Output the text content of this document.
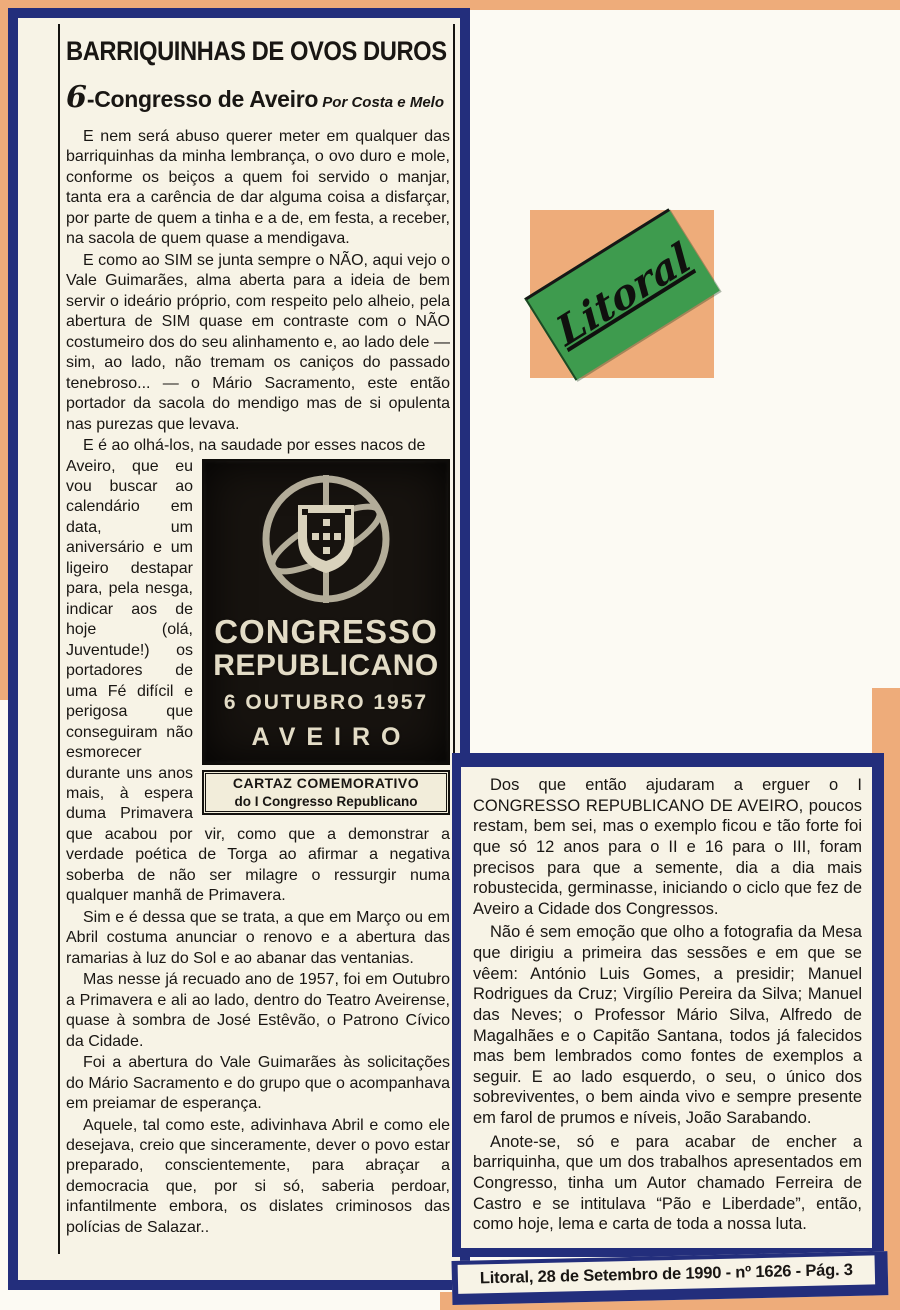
Litoral
BARRIQUINHAS DE OVOS DUROS
6 -Congresso de Aveiro Por Costa e Melo

E nem será abuso querer meter em qualquer das barriquinhas da minha lembrança, o ovo duro e mole, conforme os beiços a quem foi servido o manjar, tanta era a carência de dar alguma coisa a disfarçar, por parte de quem a tinha e a de, em festa, a receber, na sacola de quem quase a mendigava.

E como ao SIM se junta sempre o NÃO, aqui vejo o Vale Guimarães, alma aberta para a ideia de bem servir o ideário próprio, com respeito pelo alheio, pela abertura de SIM quase em contraste com o NÃO costumeiro dos do seu alinhamento e, ao lado dele — sim, ao lado, não tremam os caniços do passado tenebroso... — o Mário Sacramento, este então portador da sacola do mendigo mas de si opulenta nas purezas que levava.

E é ao olhá-los, na saudade por esses nacos de

CONGRESSO
REPUBLICANO
6 OUTUBRO 1957
AVEIRO
CARTAZ COMEMORATIVO
do I Congresso Republicano

Aveiro, que eu vou buscar ao calendário em data, um aniversário e um ligeiro destapar para, pela nesga, indicar aos de hoje (olá, Juventude!) os portadores de uma Fé difícil e perigosa que conseguiram não esmorecer durante uns anos mais, à espera duma Primavera que acabou por vir, como que a demonstrar a verdade poética de Torga ao afirmar a negativa soberba de não ser milagre o ressurgir numa qualquer manhã de Primavera.

Sim e é dessa que se trata, a que em Março ou em Abril costuma anunciar o renovo e a abertura das ramarias à luz do Sol e ao abanar das ventanias.

Mas nesse já recuado ano de 1957, foi em Outubro a Primavera e ali ao lado, dentro do Teatro Aveirense, quase à sombra de José Estêvão, o Patrono Cívico da Cidade.

Foi a abertura do Vale Guimarães às solicitações do Mário Sacramento e do grupo que o acompanhava em preiamar de esperança.

Aquele, tal como este, adivinhava Abril e como ele desejava, creio que sinceramente, dever o povo estar preparado, conscientemente, para abraçar a democracia que, por si só, saberia perdoar, infantilmente embora, os dislates criminosos das polícias de Salazar..

Dos que então ajudaram a erguer o I CONGRESSO REPUBLICANO DE AVEIRO, poucos restam, bem sei, mas o exemplo ficou e tão forte foi que só 12 anos para o II e 16 para o III, foram precisos para que a semente, dia a dia mais robustecida, germinasse, iniciando o ciclo que fez de Aveiro a Cidade dos Congressos.

Não é sem emoção que olho a fotografia da Mesa que dirigiu a primeira das sessões e em que se vêem: António Luis Gomes, a presidir; Manuel Rodrigues da Cruz; Virgílio Pereira da Silva; Manuel das Neves; o Professor Mário Silva, Alfredo de Magalhães e o Capitão Santana, todos já falecidos mas bem lembrados como fontes de exemplos a seguir. E ao lado esquerdo, o seu, o único dos sobreviventes, o bem ainda vivo e sempre presente em farol de prumos e níveis, João Sarabando.

Anote-se, só e para acabar de encher a barriquinha, que um dos trabalhos apresentados em Congresso, tinha um Autor chamado Ferreira de Castro e se intitulava “Pão e Liberdade”, então, como hoje, lema e carta de toda a nossa luta.

Litoral, 28 de Setembro de 1990 - nº 1626 - Pág. 3
